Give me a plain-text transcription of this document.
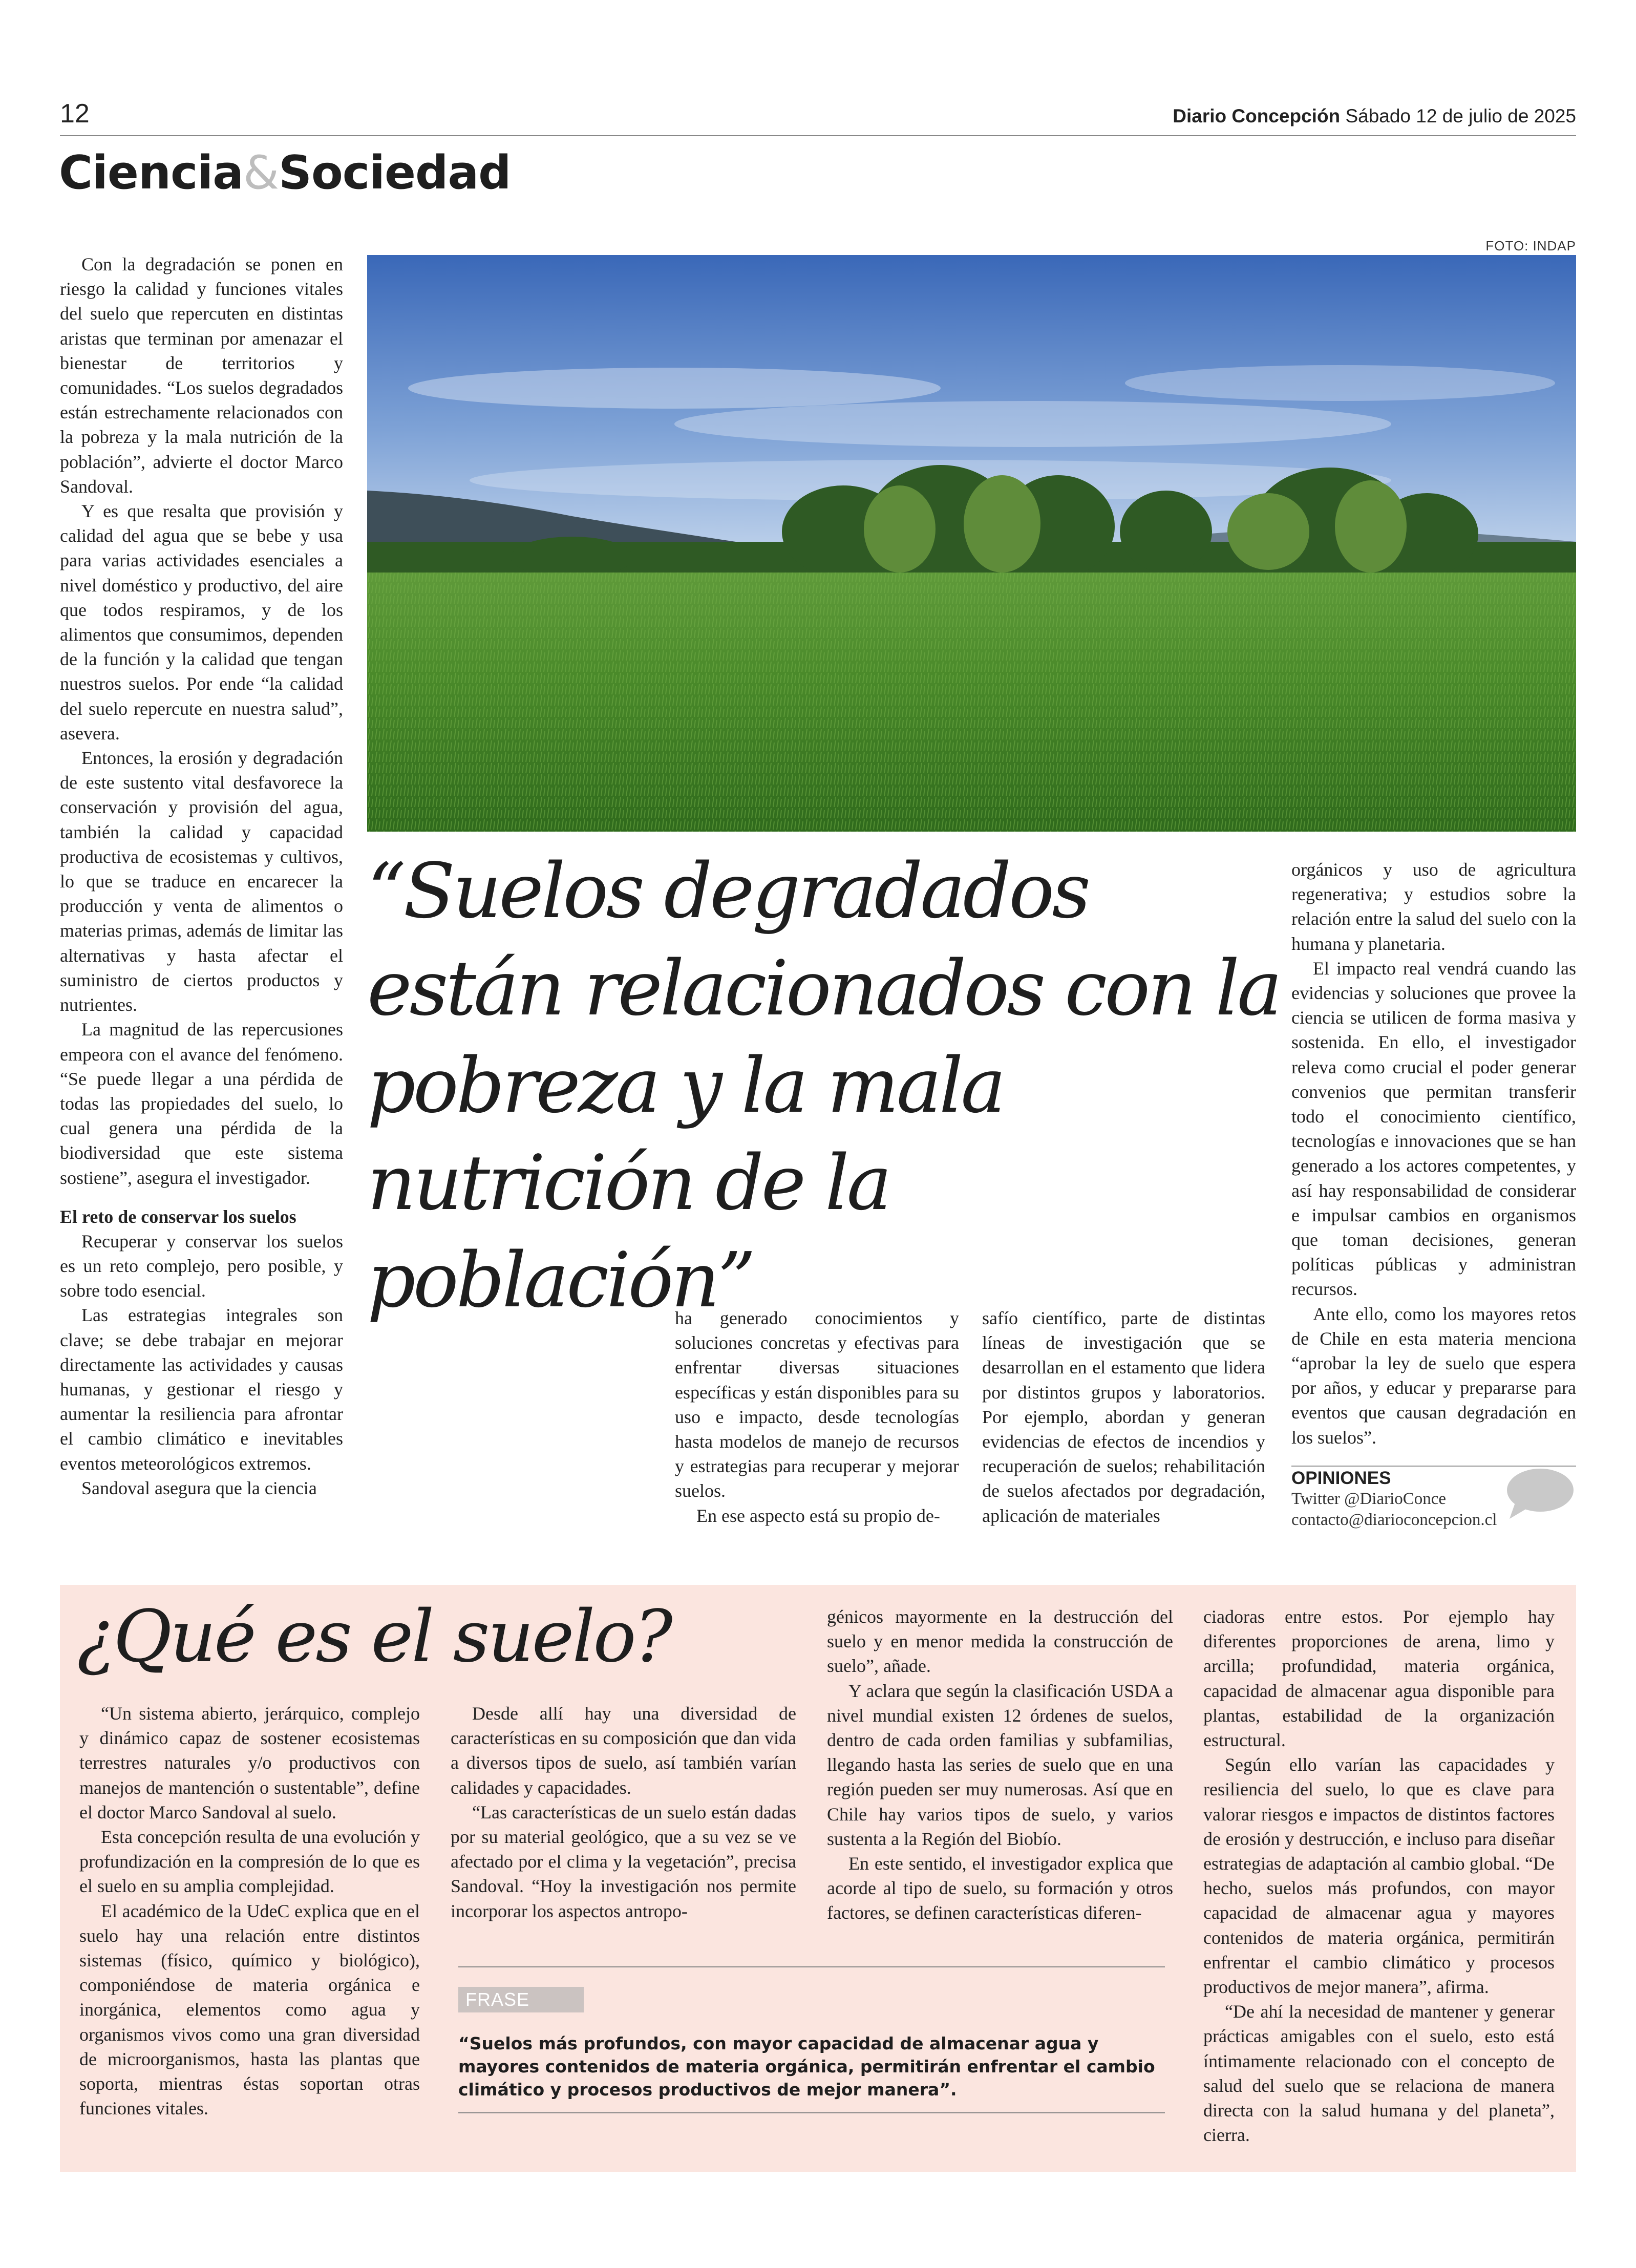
12	Diario Concepción Sábado 12 de julio de 2025
Ciencia&Sociedad
FOTO: INDAP
“Suelos degradados están relacionados con la pobreza y la mala nutrición de la población”

Con la degradación se ponen en riesgo la calidad y funciones vitales del suelo que repercuten en distintas aristas que terminan por amenazar el bienestar de territorios y comunidades. “Los suelos degradados están estrechamente relacionados con la pobreza y la mala nutrición de la población”, advierte el doctor Marco Sandoval.

Y es que resalta que provisión y calidad del agua que se bebe y usa para varias actividades esenciales a nivel doméstico y productivo, del aire que todos respiramos, y de los alimentos que consumimos, dependen de la función y la calidad que tengan nuestros suelos. Por ende “la calidad del suelo repercute en nuestra salud”, asevera.

Entonces, la erosión y degradación de este sustento vital desfavorece la conservación y provisión del agua, también la calidad y capacidad productiva de ecosistemas y cultivos, lo que se traduce en encarecer la producción y venta de alimentos o materias primas, además de limitar las alternativas y hasta afectar el suministro de ciertos productos y nutrientes.

La magnitud de las repercusiones empeora con el avance del fenómeno. “Se puede llegar a una pérdida de todas las propiedades del suelo, lo cual genera una pérdida de la biodiversidad que este sistema sostiene”, asegura el investigador.

El reto de conservar los suelos

Recuperar y conservar los suelos es un reto complejo, pero posible, y sobre todo esencial.

Las estrategias integrales son clave; se debe trabajar en mejorar directamente las actividades y causas humanas, y gestionar el riesgo y aumentar la resiliencia para afrontar el cambio climático e inevitables eventos meteorológicos extremos.

Sandoval asegura que la ciencia

ha generado conocimientos y soluciones concretas y efectivas para enfrentar diversas situaciones específicas y están disponibles para su uso e impacto, desde tecnologías hasta modelos de manejo de recursos y estrategias para recuperar y mejorar suelos.

En ese aspecto está su propio de-

safío científico, parte de distintas líneas de investigación que se desarrollan en el estamento que lidera por distintos grupos y laboratorios. Por ejemplo, abordan y generan evidencias de efectos de incendios y recuperación de suelos; rehabilitación de suelos afectados por degradación, aplicación de materiales

orgánicos y uso de agricultura regenerativa; y estudios sobre la relación entre la salud del suelo con la humana y planetaria.

El impacto real vendrá cuando las evidencias y soluciones que provee la ciencia se utilicen de forma masiva y sostenida. En ello, el investigador releva como crucial el poder generar convenios que permitan transferir todo el conocimiento científico, tecnologías e innovaciones que se han generado a los actores competentes, y así hay responsabilidad de considerar e impulsar cambios en organismos que toman decisiones, generan políticas públicas y administran recursos.

Ante ello, como los mayores retos de Chile en esta materia menciona “aprobar la ley de suelo que espera por años, y educar y prepararse para eventos que causan degradación en los suelos”.

OPINIONES
Twitter @DiarioConce
contacto@diarioconcepcion.cl
¿Qué es el suelo?

“Un sistema abierto, jerárquico, complejo y dinámico capaz de sostener ecosistemas terrestres naturales y/o productivos con manejos de mantención o sustentable”, define el doctor Marco Sandoval al suelo.

Esta concepción resulta de una evolución y profundización en la compresión de lo que es el suelo en su amplia complejidad.

El académico de la UdeC explica que en el suelo hay una relación entre distintos sistemas (físico, químico y biológico), componiéndose de materia orgánica e inorgánica, elementos como agua y organismos vivos como una gran diversidad de microorganismos, hasta las plantas que soporta, mientras éstas soportan otras funciones vitales.

Desde allí hay una diversidad de características en su composición que dan vida a diversos tipos de suelo, así también varían calidades y capacidades.

“Las características de un suelo están dadas por su material geológico, que a su vez se ve afectado por el clima y la vegetación”, precisa Sandoval. “Hoy la investigación nos permite incorporar los aspectos antropo-

génicos mayormente en la destrucción del suelo y en menor medida la construcción de suelo”, añade.

Y aclara que según la clasificación USDA a nivel mundial existen 12 órdenes de suelos, dentro de cada orden familias y subfamilias, llegando hasta las series de suelo que en una región pueden ser muy numerosas. Así que en Chile hay varios tipos de suelo, y varios sustenta a la Región del Biobío.

En este sentido, el investigador explica que acorde al tipo de suelo, su formación y otros factores, se definen características diferen-

ciadoras entre estos. Por ejemplo hay diferentes proporciones de arena, limo y arcilla; profundidad, materia orgánica, capacidad de almacenar agua disponible para plantas, estabilidad de la organización estructural.

Según ello varían las capacidades y resiliencia del suelo, lo que es clave para valorar riesgos e impactos de distintos factores de erosión y destrucción, e incluso para diseñar estrategias de adaptación al cambio global. “De hecho, suelos más profundos, con mayor capacidad de almacenar agua y mayores contenidos de materia orgánica, permitirán enfrentar el cambio climático y procesos productivos de mejor manera”, afirma.

“De ahí la necesidad de mantener y generar prácticas amigables con el suelo, esto está íntimamente relacionado con el concepto de salud del suelo que se relaciona de manera directa con la salud humana y del planeta”, cierra.

FRASE
“Suelos más profundos, con mayor capacidad de almacenar agua y mayores contenidos de materia orgánica, permitirán enfrentar el cambio climático y procesos productivos de mejor manera”.
